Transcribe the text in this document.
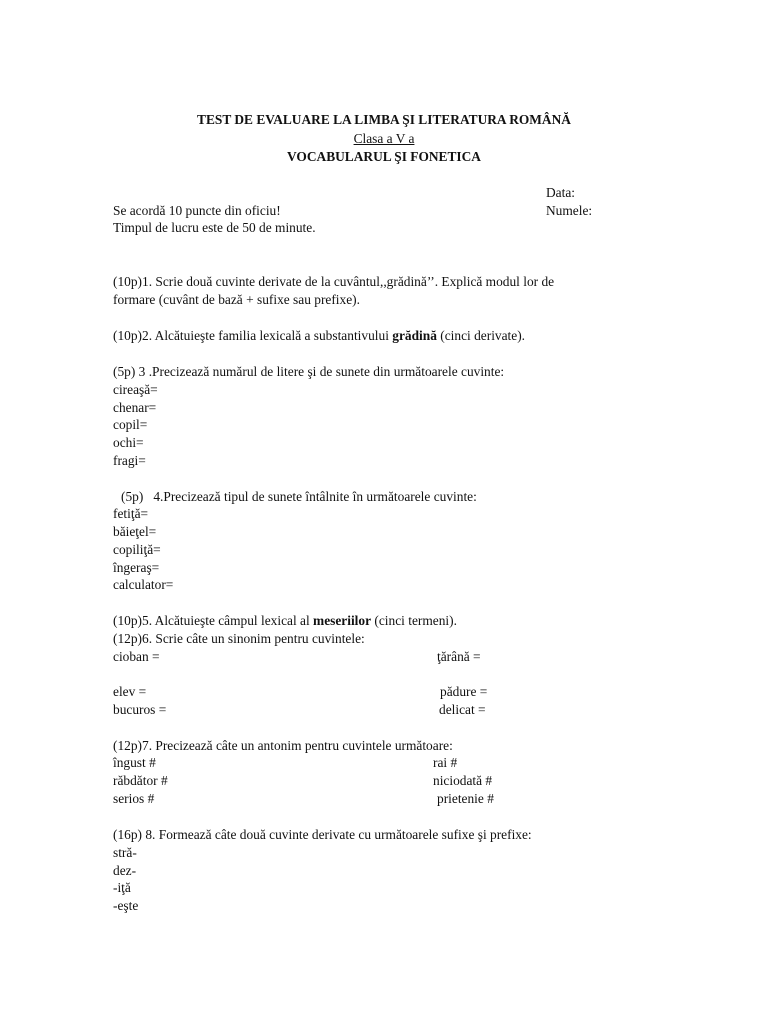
TEST DE EVALUARE LA LIMBA ŞI LITERATURA ROMÂNĂ
Clasa a V a
VOCABULARUL ŞI FONETICA
Data:
Se acordă 10 puncte din oficiu!	Numele:
Timpul de lucru este de 50 de minute.
(10p)1. Scrie două cuvinte derivate de la cuvântul,,grădină’’. Explică modul lor de
formare (cuvânt de bază + sufixe sau prefixe).
(10p)2. Alcătuieşte familia lexicală a substantivului grădină (cinci derivate).
(5p) 3 .Precizează numărul de litere şi de sunete din următoarele cuvinte:
cireaşă=
chenar=
copil=
ochi=
fragi=
(5p)   4.Precizează tipul de sunete întâlnite în următoarele cuvinte:
fetiţă=
băieţel=
copiliţă=
îngeraş=
calculator=
(10p)5. Alcătuieşte câmpul lexical al meseriilor (cinci termeni).
(12p)6. Scrie câte un sinonim pentru cuvintele:
cioban =	ţărână =
elev =	pădure =
bucuros =	delicat =
(12p)7. Precizează câte un antonim pentru cuvintele următoare:
îngust #	rai #
răbdător #	niciodată #
serios #	prietenie #
(16p) 8. Formează câte două cuvinte derivate cu următoarele sufixe şi prefixe:
stră-
dez-
-iţă
-eşte
